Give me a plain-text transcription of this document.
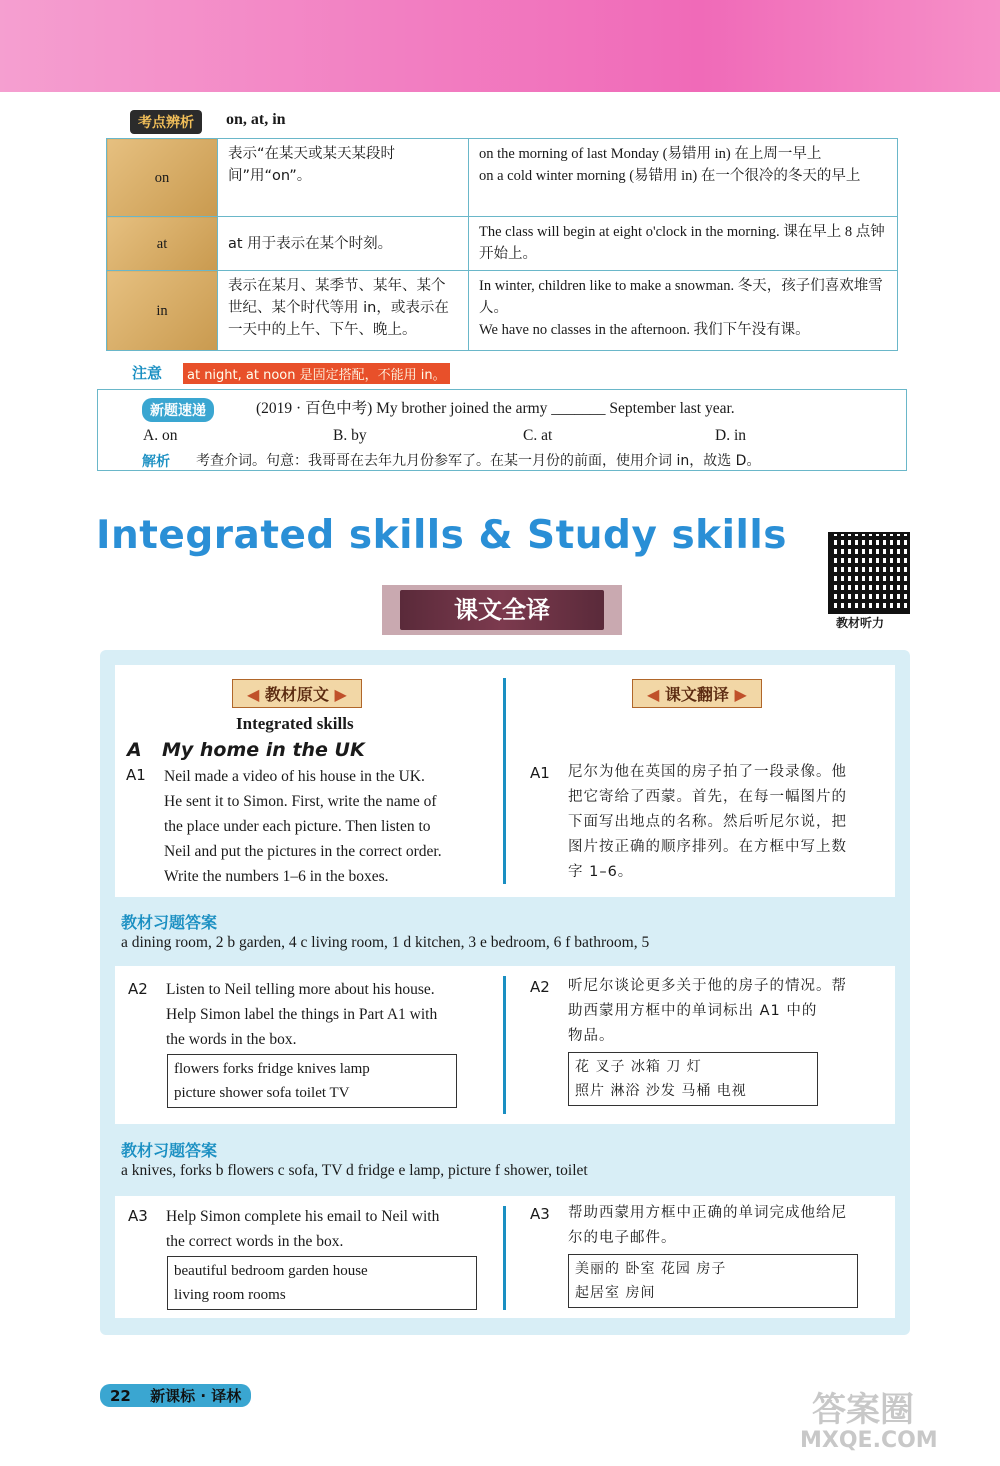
考点辨析	on, at, in
on	表示“在某天或某天某段时间”用“on”。	on the morning of last Monday (易错用 in) 在上周一早上
on a cold winter morning (易错用 in) 在一个很冷的冬天的早上

at	at 用于表示在某个时刻。	The class will begin at eight o'clock in the morning. 课在早上 8 点钟开始上。

in	表示在某月、某季节、某年、某个世纪、某个时代等用 in，或表示在一天中的上午、下午、晚上。	In winter, children like to make a snowman. 冬天，孩子们喜欢堆雪人。
We have no classes in the afternoon. 我们下午没有课。
注意	at night, at noon 是固定搭配，不能用 in。
新题速递	(2019 · 百色中考) My brother joined the army _______ September last year.
A. on	B. by	C. at	D. in
解析 考查介词。句意：我哥哥在去年九月份参军了。在某一月份的前面，使用介词 in，故选 D。
Integrated skills & Study skills
教材听力
课文全译
◀ 教材原文 ▶	◀ 课文翻译 ▶
Integrated skills
A My home in the UK
A1 Neil made a video of his house in the UK.
He sent it to Simon. First, write the name of
the place under each picture. Then listen to
Neil and put the pictures in the correct order.
Write the numbers 1–6 in the boxes.
A1 尼尔为他在英国的房子拍了一段录像。他
把它寄给了西蒙。首先，在每一幅图片的
下面写出地点的名称。然后听尼尔说，把
图片按正确的顺序排列。在方框中写上数
字 1–6。
教材习题答案
a dining room, 2 b garden, 4 c living room, 1 d kitchen, 3 e bedroom, 6 f bathroom, 5
A2 Listen to Neil telling more about his house.
Help Simon label the things in Part A1 with
the words in the box.
flowers forks fridge knives lamp
picture shower sofa toilet TV
A2 听尼尔谈论更多关于他的房子的情况。帮
助西蒙用方框中的单词标出 A1 中的
物品。
花 叉子 冰箱 刀 灯
照片 淋浴 沙发 马桶 电视
教材习题答案
a knives, forks b flowers c sofa, TV d fridge e lamp, picture f shower, toilet
A3 Help Simon complete his email to Neil with
the correct words in the box.
beautiful bedroom garden house
living room rooms
A3 帮助西蒙用方框中正确的单词完成他给尼
尔的电子邮件。
美丽的 卧室 花园 房子
起居室 房间
22 新课标 · 译林	答案圈
MXQE.COM
